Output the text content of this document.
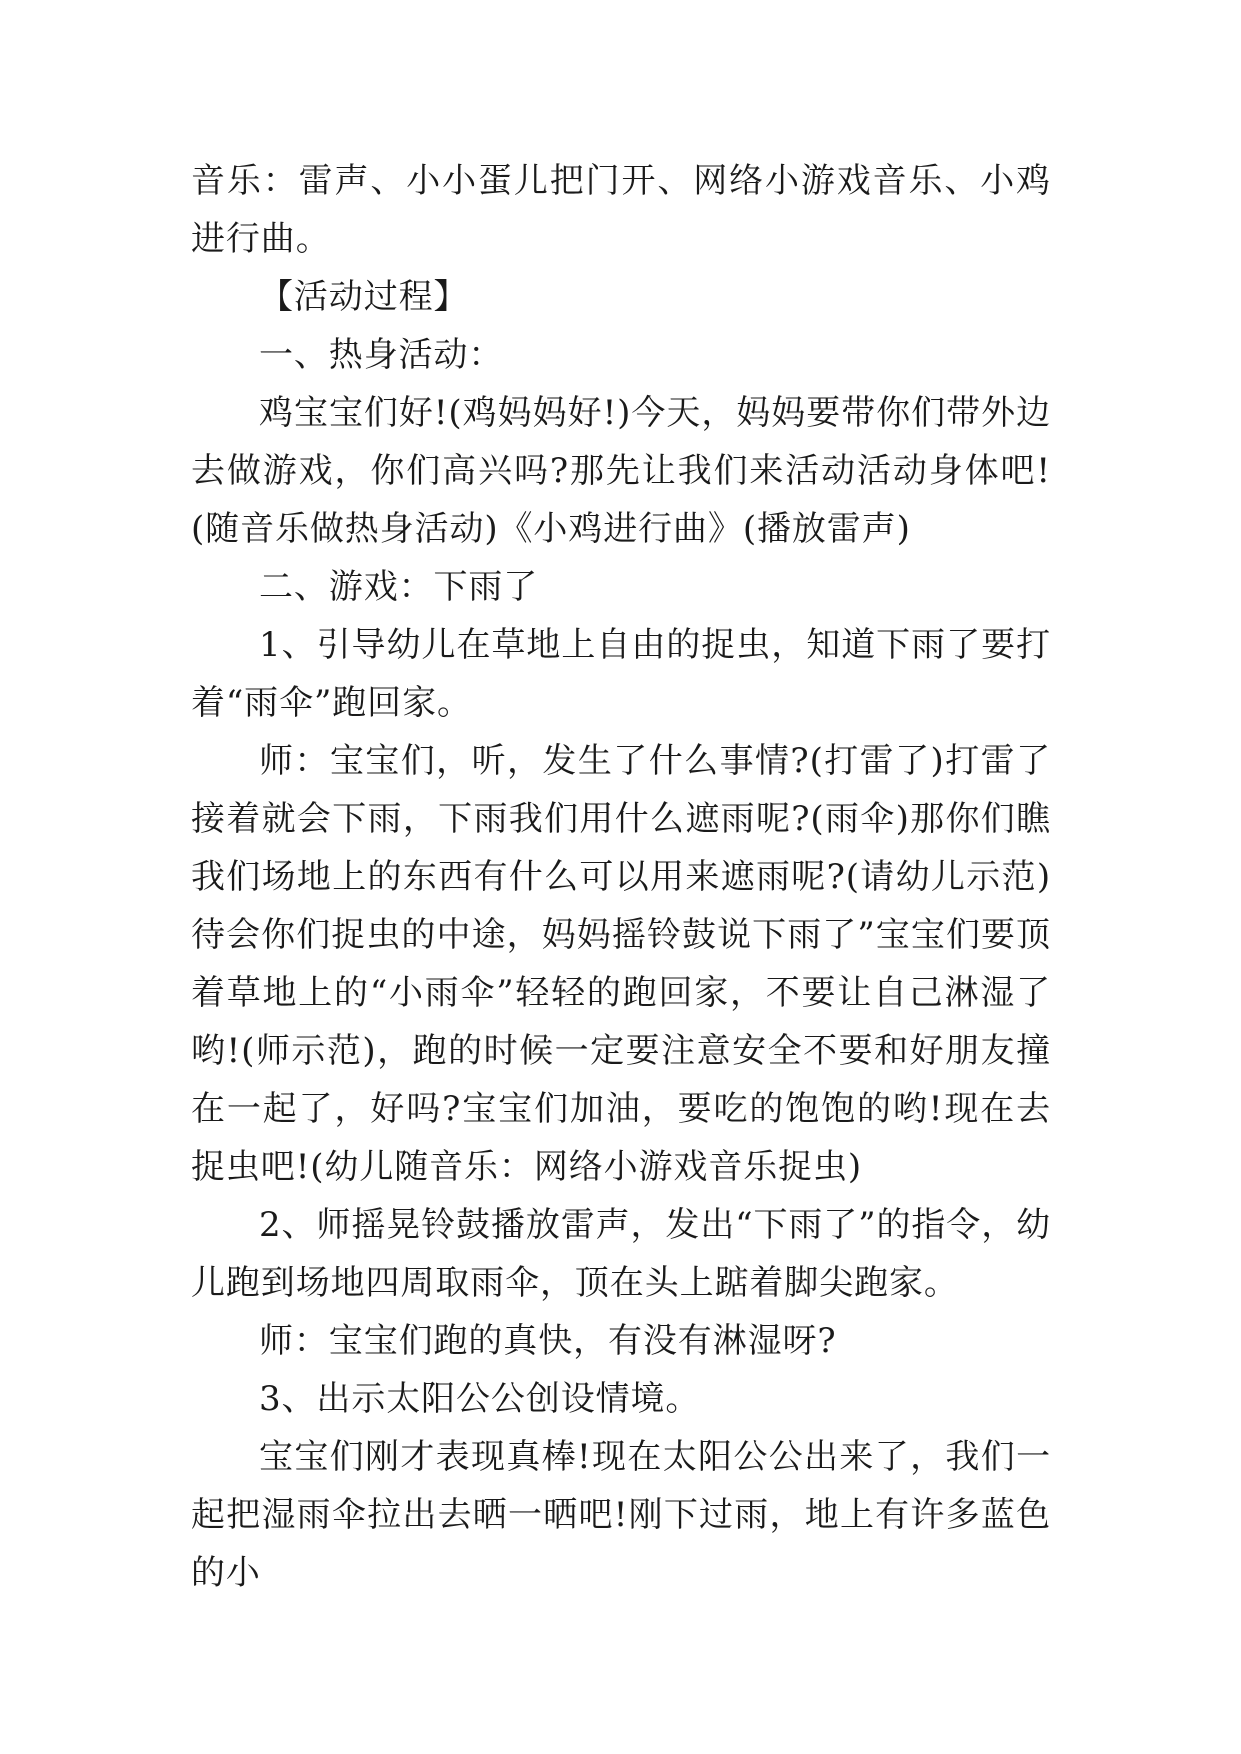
音乐：雷声、小小蛋儿把门开、网络小游戏音乐、小鸡进行曲。

【活动过程】

一、热身活动：

鸡宝宝们好!(鸡妈妈好!)今天，妈妈要带你们带外边去做游戏，你们高兴吗?那先让我们来活动活动身体吧!(随音乐做热身活动)《小鸡进行曲》(播放雷声)

二、游戏：下雨了

1、引导幼儿在草地上自由的捉虫，知道下雨了要打着“雨伞”跑回家。

师：宝宝们，听，发生了什么事情?(打雷了)打雷了接着就会下雨，下雨我们用什么遮雨呢?(雨伞)那你们瞧我们场地上的东西有什么可以用来遮雨呢?(请幼儿示范)待会你们捉虫的中途，妈妈摇铃鼓说下雨了”宝宝们要顶着草地上的“小雨伞”轻轻的跑回家，不要让自己淋湿了哟!(师示范)，跑的时候一定要注意安全不要和好朋友撞在一起了，好吗?宝宝们加油，要吃的饱饱的哟!现在去捉虫吧!(幼儿随音乐：网络小游戏音乐捉虫)

2、师摇晃铃鼓播放雷声，发出“下雨了”的指令，幼儿跑到场地四周取雨伞，顶在头上踮着脚尖跑家。

师：宝宝们跑的真快，有没有淋湿呀?

3、出示太阳公公创设情境。

宝宝们刚才表现真棒!现在太阳公公出来了，我们一起把湿雨伞拉出去晒一晒吧!刚下过雨，地上有许多蓝色的小
